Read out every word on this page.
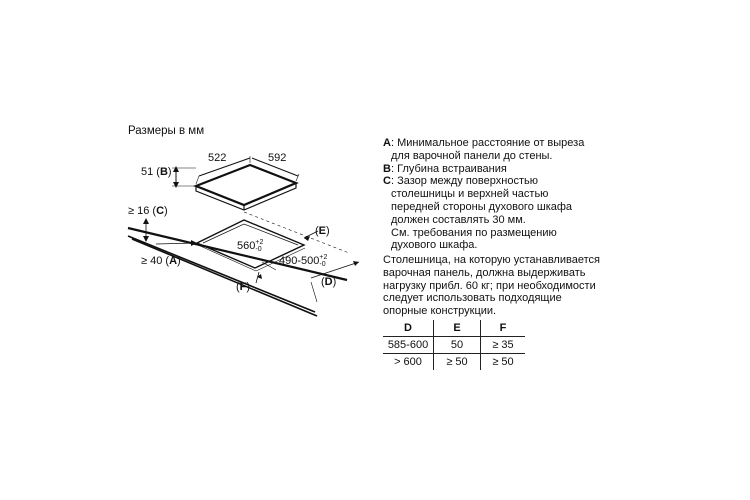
Размеры в мм
522	592
51 (B)
≥ 16 (C)
≥ 40 (A)
(E)
(F)	(D)
560 +2
-0
490-500 +2
-0
A : Минимальное расстояние от выреза
для варочной панели до стены.
B : Глубина встраивания
C : Зазор между поверхностью
столешницы и верхней частью
передней стороны духового шкафа
должен составлять 30 мм.
См. требования по размещению
духового шкафа.
Столешница, на которую устанавливается
варочная панель, должна выдерживать
нагрузку прибл. 60 кг; при необходимости
следует использовать подходящие
опорные конструкции.
D	E	F
585-600	50	≥ 35
> 600	≥ 50	≥ 50
